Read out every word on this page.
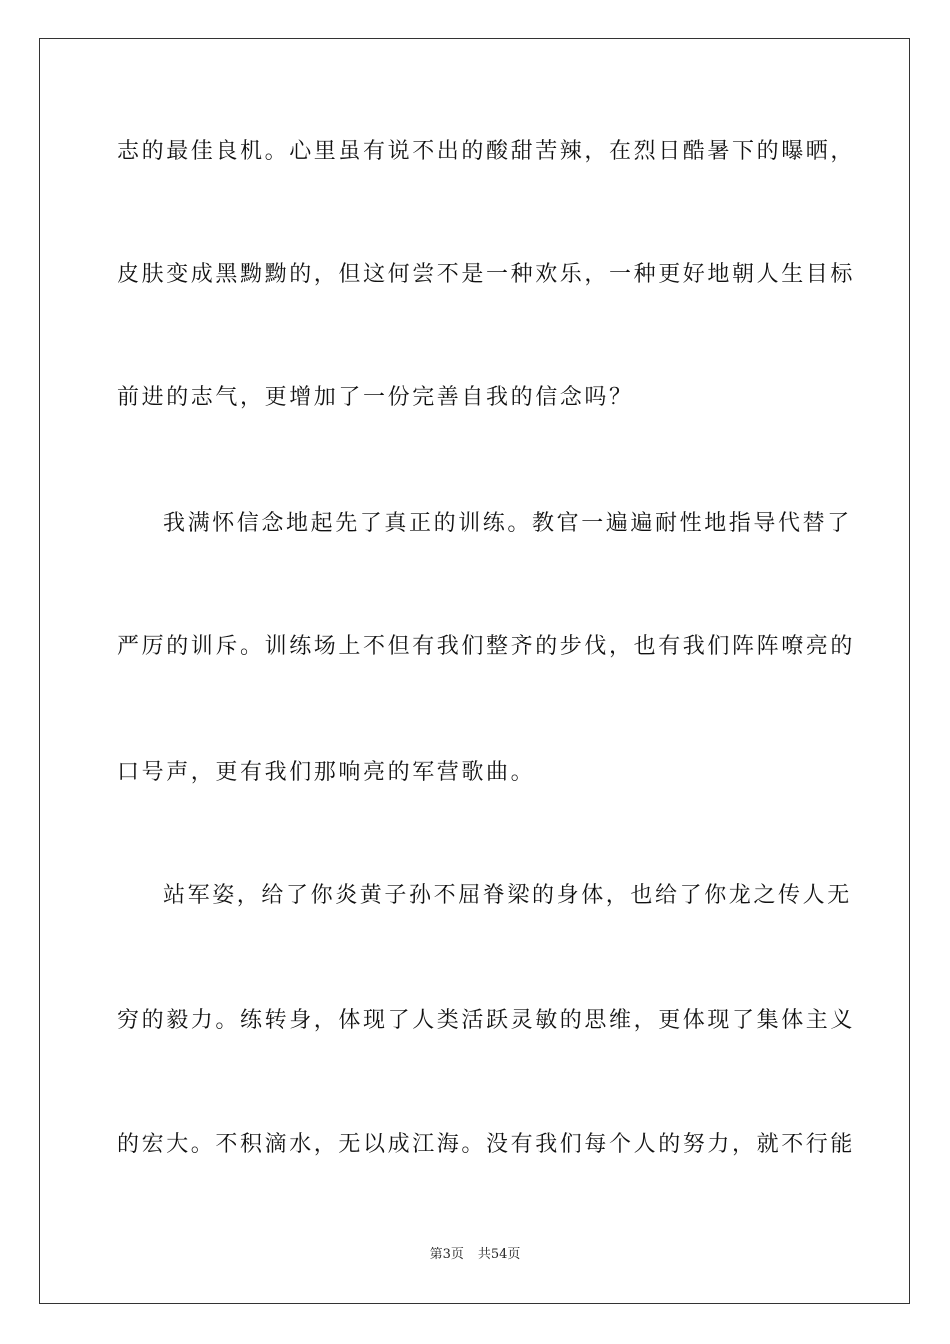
志的最佳良机。心里虽有说不出的酸甜苦辣，在烈日酷暑下的曝晒，
皮肤变成黑黝黝的，但这何尝不是一种欢乐，一种更好地朝人生目标
前进的志气，更增加了一份完善自我的信念吗？
我满怀信念地起先了真正的训练。教官一遍遍耐性地指导代替了
严厉的训斥。训练场上不但有我们整齐的步伐，也有我们阵阵嘹亮的
口号声，更有我们那响亮的军营歌曲。
站军姿，给了你炎黄子孙不屈脊梁的身体，也给了你龙之传人无
穷的毅力。练转身，体现了人类活跃灵敏的思维，更体现了集体主义
的宏大。不积滴水，无以成江海。没有我们每个人的努力，就不行能
第3页 共54页
